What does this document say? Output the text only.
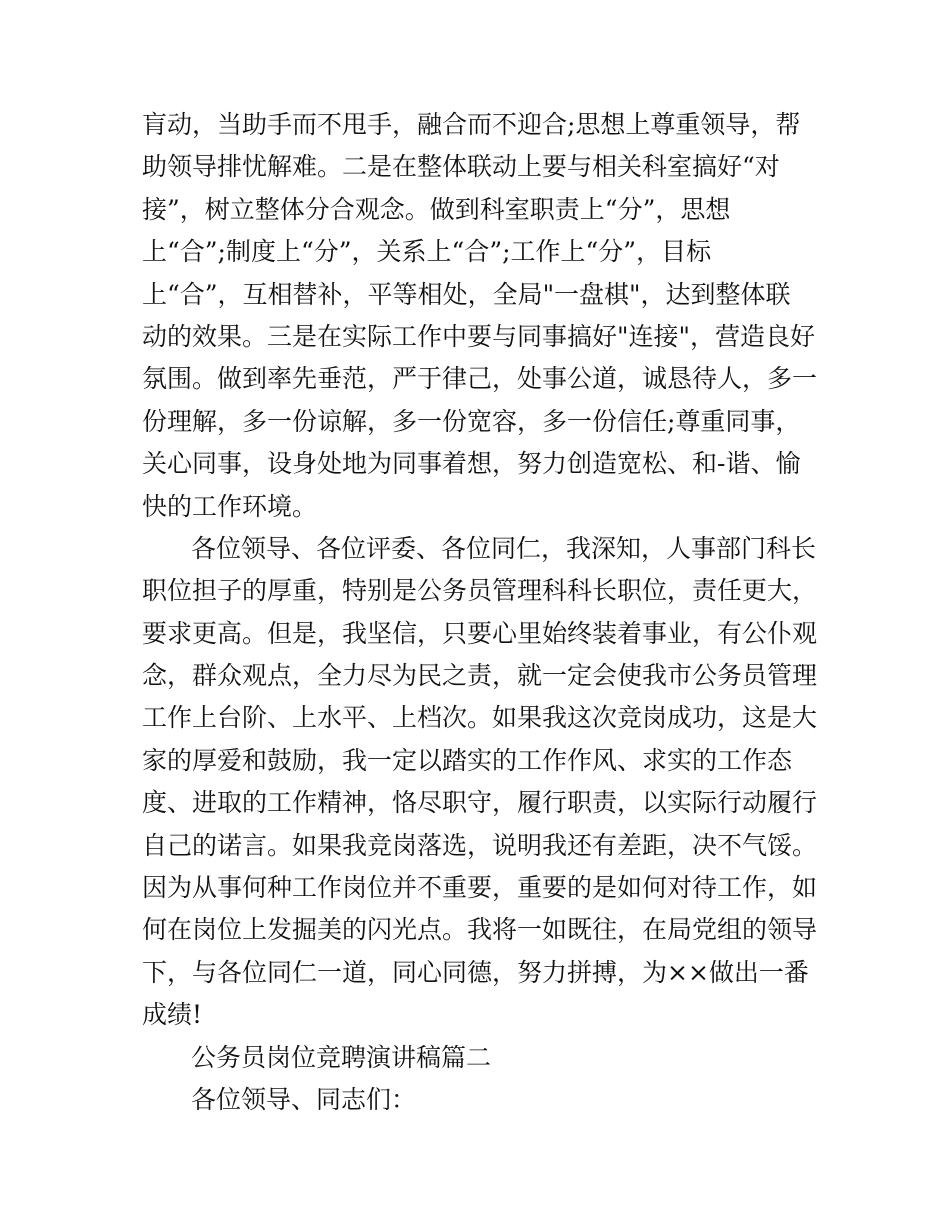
肓动，当助手而不甩手，融合而不迎合;思想上尊重领导，帮
助领导排忧解难。二是在整体联动上要与相关科室搞好“对
接”，树立整体分合观念。做到科室职责上“分”，思想
上“合”;制度上“分”，关系上“合”;工作上“分”，目标
上“合”，互相替补，平等相处，全局"一盘棋"，达到整体联
动的效果。三是在实际工作中要与同事搞好"连接"，营造良好
氛围。做到率先垂范，严于律己，处事公道，诚恳待人，多一
份理解，多一份谅解，多一份宽容，多一份信任;尊重同事，
关心同事，设身处地为同事着想，努力创造宽松、和-谐、愉
快的工作环境。
各位领导、各位评委、各位同仁，我深知，人事部门科长
职位担子的厚重，特别是公务员管理科科长职位，责任更大，
要求更高。但是，我坚信，只要心里始终装着事业，有公仆观
念，群众观点，全力尽为民之责，就一定会使我市公务员管理
工作上台阶、上水平、上档次。如果我这次竞岗成功，这是大
家的厚爱和鼓励，我一定以踏实的工作作风、求实的工作态
度、进取的工作精神，恪尽职守，履行职责，以实际行动履行
自己的诺言。如果我竞岗落选，说明我还有差距，决不气馁。
因为从事何种工作岗位并不重要，重要的是如何对待工作，如
何在岗位上发掘美的闪光点。我将一如既往，在局党组的领导
下，与各位同仁一道，同心同德，努力拼搏，为××做出一番
成绩!
公务员岗位竞聘演讲稿篇二
各位领导、同志们：
